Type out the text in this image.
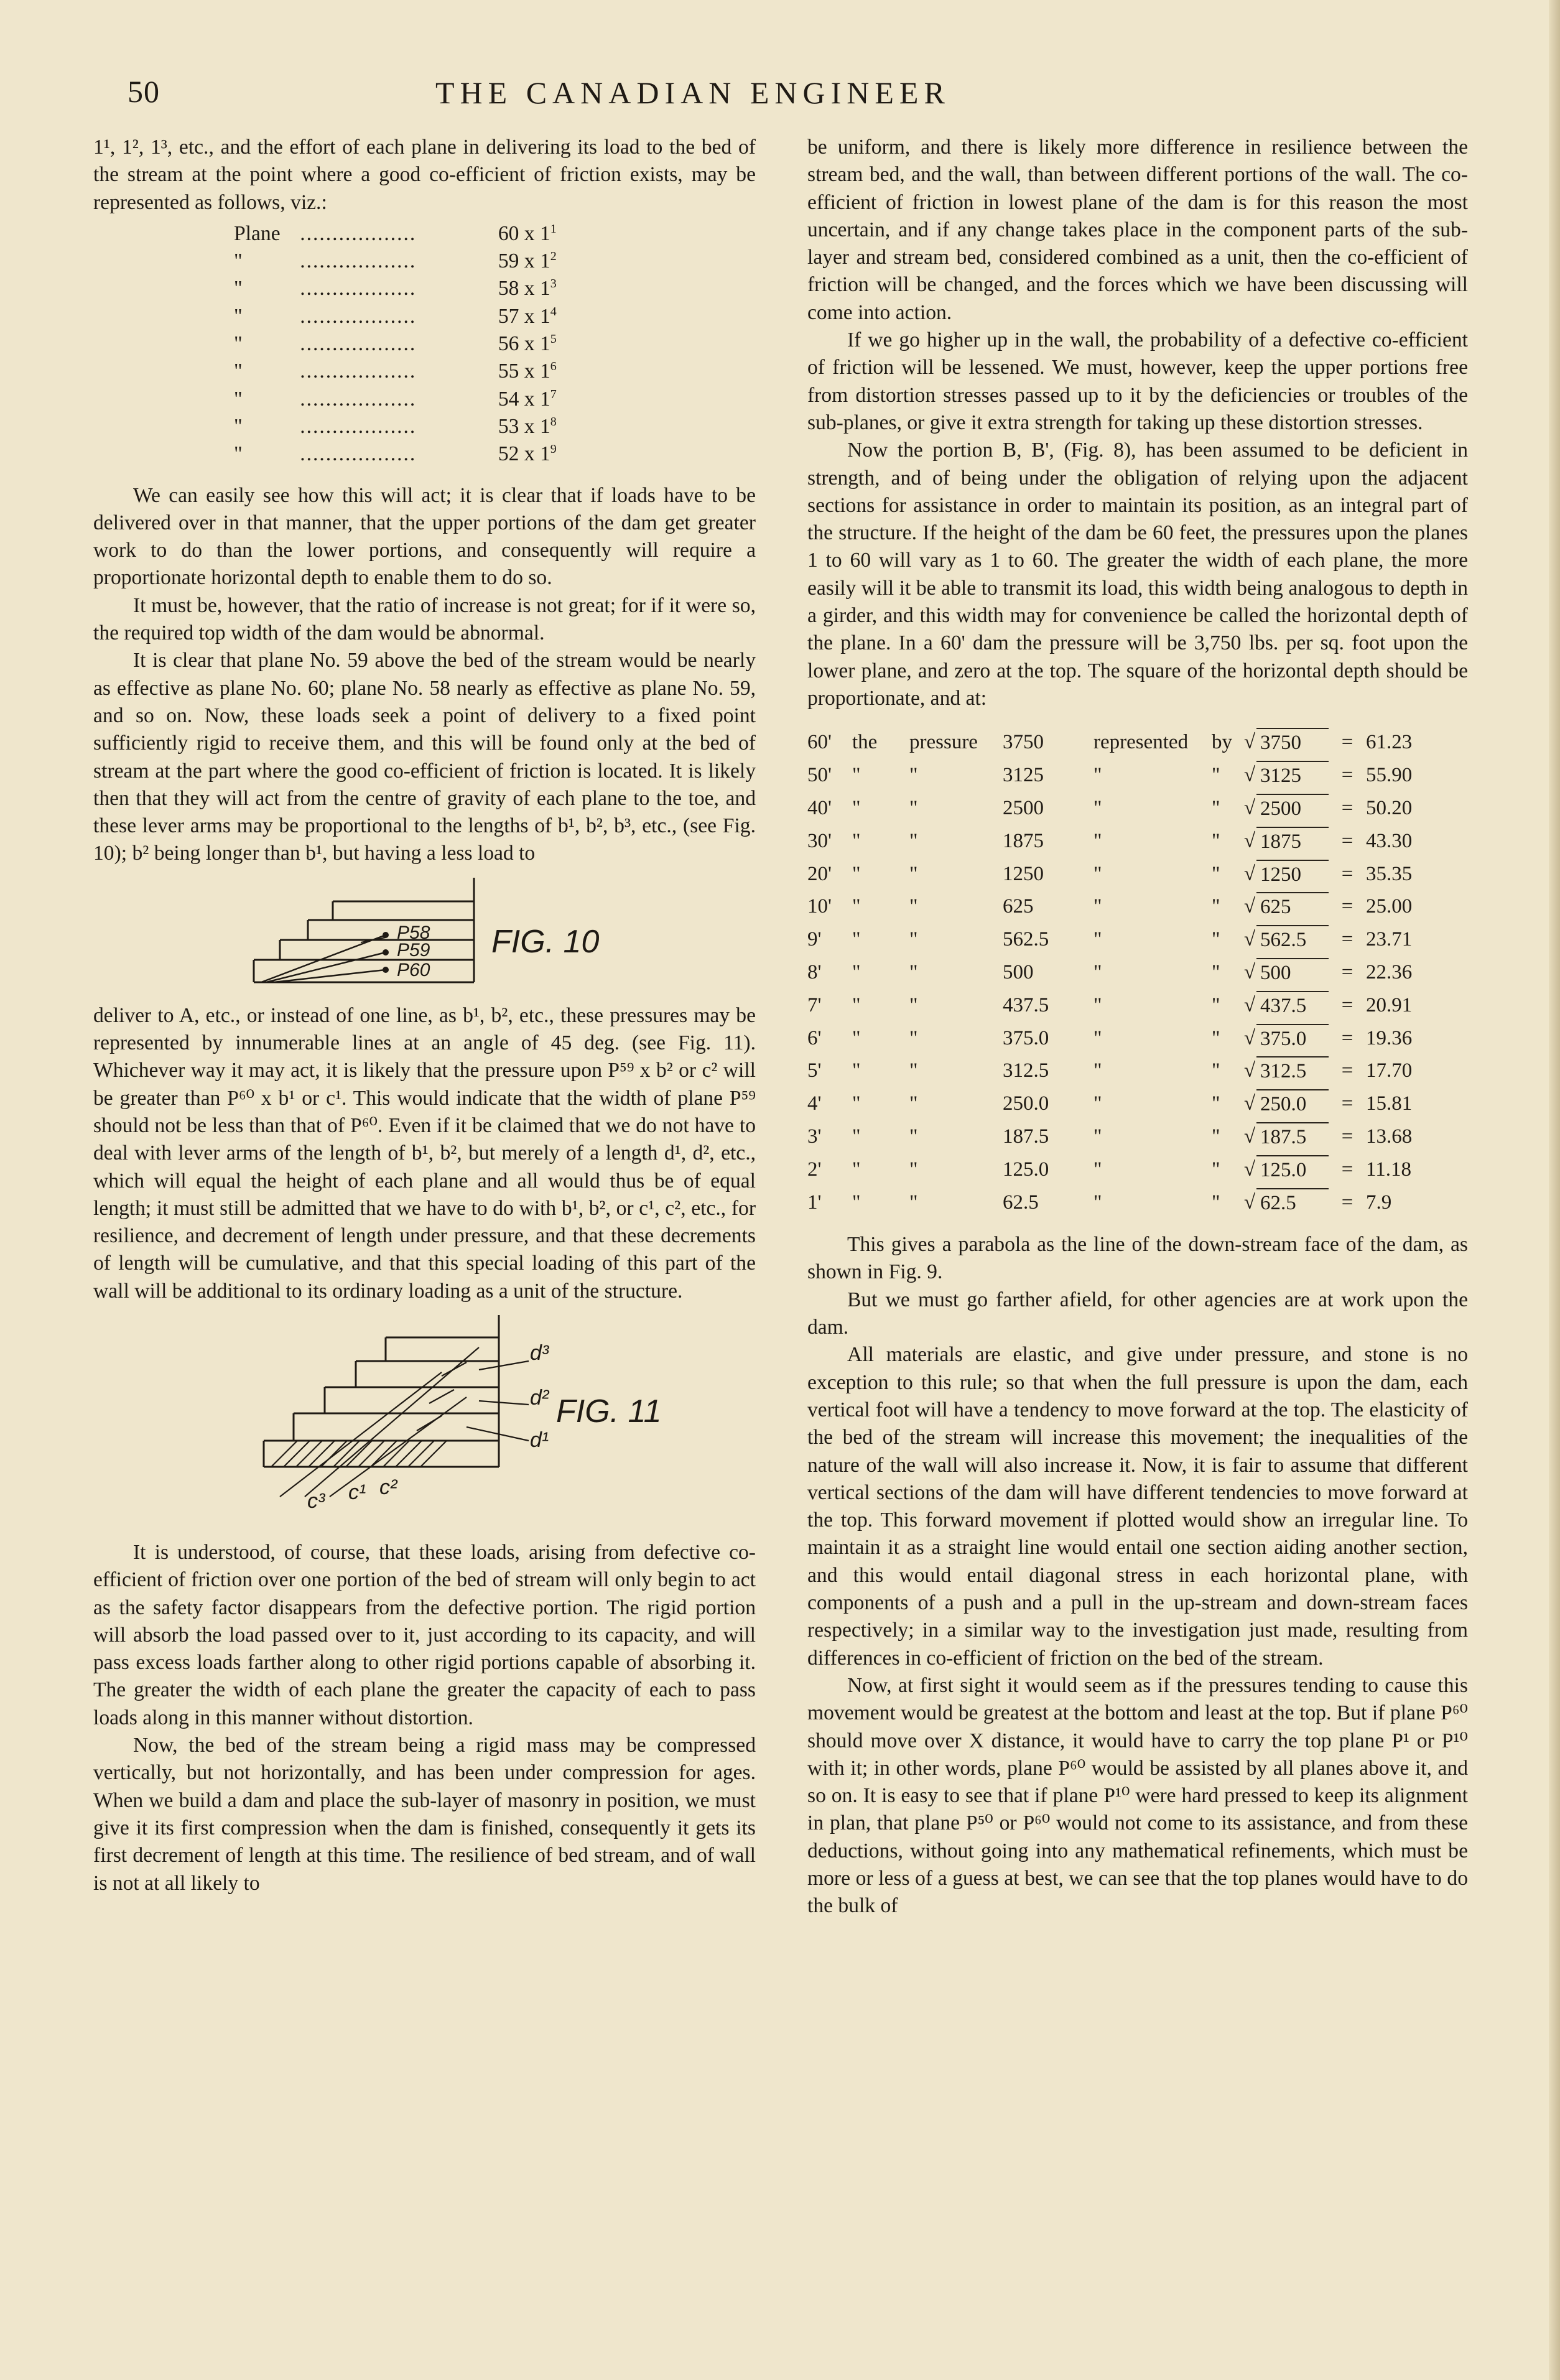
50	THE CANADIAN ENGINEER

1¹, 1², 1³, etc., and the effort of each plane in delivering its load to the bed of the stream at the point where a good co-efficient of friction exists, may be represented as follows, viz.:

Plane ..................	60 x $1^1$
"	..................	59 x $1^2$
"	..................	58 x $1^3$
"	..................	57 x $1^4$
"	..................	56 x $1^5$
"	..................	55 x $1^6$
"	..................	54 x $1^7$
"	..................	53 x $1^8$
"	..................	52 x $1^9$

We can easily see how this will act; it is clear that if loads have to be delivered over in that manner, that the upper portions of the dam get greater work to do than the lower portions, and consequently will require a proportionate horizontal depth to enable them to do so.

It must be, however, that the ratio of increase is not great; for if it were so, the required top width of the dam would be abnormal.

It is clear that plane No. 59 above the bed of the stream would be nearly as effective as plane No. 60; plane No. 58 nearly as effective as plane No. 59, and so on. Now, these loads seek a point of delivery to a fixed point sufficiently rigid to receive them, and this will be found only at the bed of stream at the part where the good co-efficient of friction is located. It is likely then that they will act from the centre of gravity of each plane to the toe, and these lever arms may be proportional to the lengths of b¹, b², b³, etc., (see Fig. 10); b² being longer than b¹, but having a less load to

P58
P59
P60
FIG. 10

deliver to A, etc., or instead of one line, as b¹, b², etc., these pressures may be represented by innumerable lines at an angle of 45 deg. (see Fig. 11). Whichever way it may act, it is likely that the pressure upon P⁵⁹ x b² or c² will be greater than P⁶⁰ x b¹ or c¹. This would indicate that the width of plane P⁵⁹ should not be less than that of P⁶⁰. Even if it be claimed that we do not have to deal with lever arms of the length of b¹, b², but merely of a length d¹, d², etc., which will equal the height of each plane and all would thus be of equal length; it must still be admitted that we have to do with b¹, b², or c¹, c², etc., for resilience, and decrement of length under pressure, and that these decrements of length will be cumulative, and that this special loading of this part of the wall will be additional to its ordinary loading as a unit of the structure.

d³
d²
d¹
c³ c¹ c²
FIG. 11

It is understood, of course, that these loads, arising from defective co-efficient of friction over one portion of the bed of stream will only begin to act as the safety factor disappears from the defective portion. The rigid portion will absorb the load passed over to it, just according to its capacity, and will pass excess loads farther along to other rigid portions capable of absorbing it. The greater the width of each plane the greater the capacity of each to pass loads along in this manner without distortion.

Now, the bed of the stream being a rigid mass may be compressed vertically, but not horizontally, and has been under compression for ages. When we build a dam and place the sub-layer of masonry in position, we must give it its first compression when the dam is finished, consequently it gets its first decrement of length at this time. The resilience of bed stream, and of wall is not at all likely to

be uniform, and there is likely more difference in resilience between the stream bed, and the wall, than between different portions of the wall. The co-efficient of friction in lowest plane of the dam is for this reason the most uncertain, and if any change takes place in the component parts of the sub-layer and stream bed, considered combined as a unit, then the co-efficient of friction will be changed, and the forces which we have been discussing will come into action.

If we go higher up in the wall, the probability of a defective co-efficient of friction will be lessened. We must, however, keep the upper portions free from distortion stresses passed up to it by the deficiencies or troubles of the sub-planes, or give it extra strength for taking up these distortion stresses.

Now the portion B, B', (Fig. 8), has been assumed to be deficient in strength, and of being under the obligation of relying upon the adjacent sections for assistance in order to maintain its position, as an integral part of the structure. If the height of the dam be 60 feet, the pressures upon the planes 1 to 60 will vary as 1 to 60. The greater the width of each plane, the more easily will it be able to transmit its load, this width being analogous to depth in a girder, and this width may for convenience be called the horizontal depth of the plane. In a 60' dam the pressure will be 3,750 lbs. per sq. foot upon the lower plane, and zero at the top. The square of the horizontal depth should be proportionate, and at:

60'	the	pressure	3750	represented	by √ 3750	= 61.23
50'	"	"	3125	"	"	√ 3125	= 55.90
40'	"	"	2500	"	"	√ 2500	= 50.20
30'	"	"	1875	"	"	√ 1875	= 43.30
20'	"	"	1250	"	"	√ 1250	= 35.35
10'	"	"	625	"	"	√ 625	= 25.00
9'	"	"	562.5	"	"	√ 562.5	= 23.71
8'	"	"	500	"	"	√ 500	= 22.36
7'	"	"	437.5	"	"	√ 437.5	= 20.91
6'	"	"	375.0	"	"	√ 375.0	= 19.36
5'	"	"	312.5	"	"	√ 312.5	= 17.70
4'	"	"	250.0	"	"	√ 250.0	= 15.81
3'	"	"	187.5	"	"	√ 187.5	= 13.68
2'	"	"	125.0	"	"	√ 125.0	= 11.18
1'	"	"	62.5	"	"	√ 62.5	= 7.9

This gives a parabola as the line of the down-stream face of the dam, as shown in Fig. 9.

But we must go farther afield, for other agencies are at work upon the dam.

All materials are elastic, and give under pressure, and stone is no exception to this rule; so that when the full pressure is upon the dam, each vertical foot will have a tendency to move forward at the top. The elasticity of the bed of the stream will increase this movement; the inequalities of the nature of the wall will also increase it. Now, it is fair to assume that different vertical sections of the dam will have different tendencies to move forward at the top. This forward movement if plotted would show an irregular line. To maintain it as a straight line would entail one section aiding another section, and this would entail diagonal stress in each horizontal plane, with components of a push and a pull in the up-stream and down-stream faces respectively; in a similar way to the investigation just made, resulting from differences in co-efficient of friction on the bed of the stream.

Now, at first sight it would seem as if the pressures tending to cause this movement would be greatest at the bottom and least at the top. But if plane P⁶⁰ should move over X distance, it would have to carry the top plane P¹ or P¹⁰ with it; in other words, plane P⁶⁰ would be assisted by all planes above it, and so on. It is easy to see that if plane P¹⁰ were hard pressed to keep its alignment in plan, that plane P⁵⁰ or P⁶⁰ would not come to its assistance, and from these deductions, without going into any mathematical refinements, which must be more or less of a guess at best, we can see that the top planes would have to do the bulk of
